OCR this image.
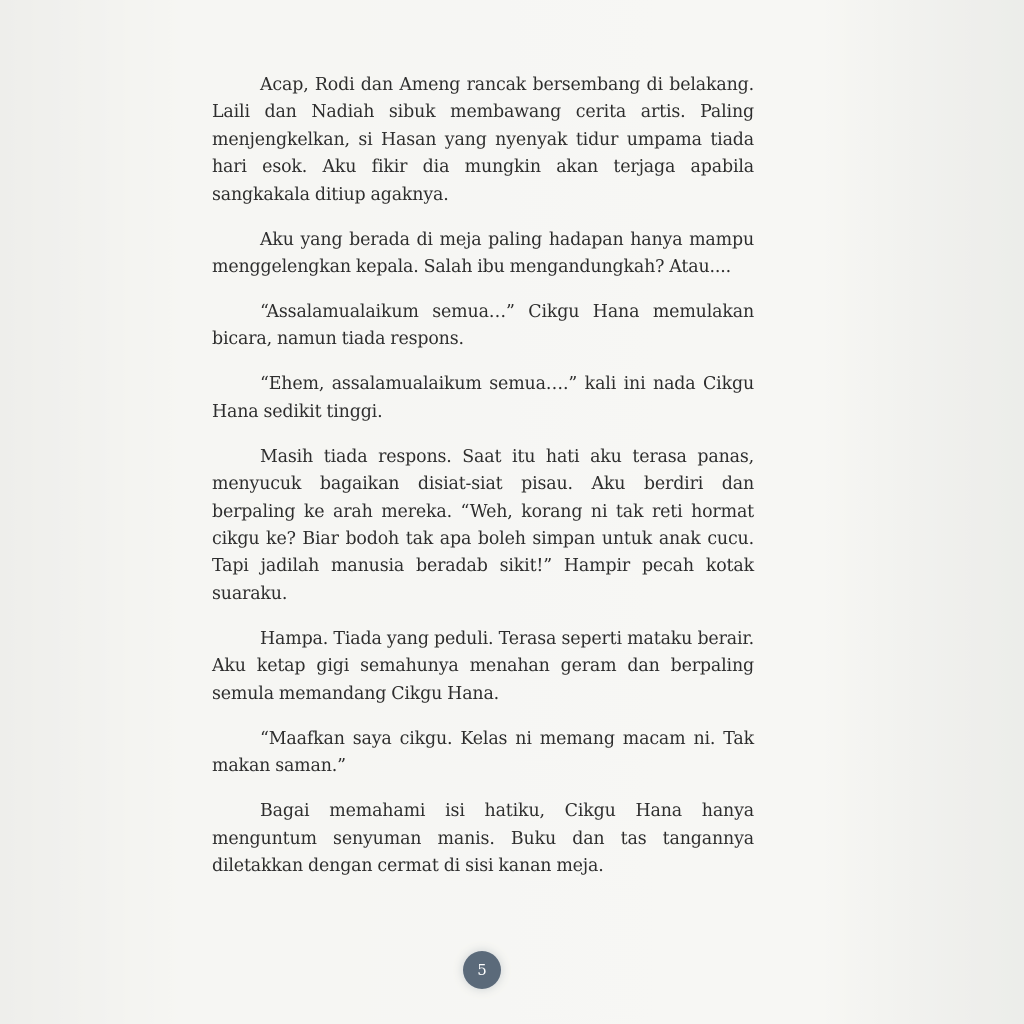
Acap, Rodi dan Ameng rancak bersembang di belakang. Laili dan Nadiah sibuk membawang cerita artis. Paling menjengkelkan, si Hasan yang nyenyak tidur umpama tiada hari esok. Aku fikir dia mungkin akan terjaga apabila sangkakala ditiup agaknya.

Aku yang berada di meja paling hadapan hanya mampu menggelengkan kepala. Salah ibu mengandungkah? Atau....

“Assalamualaikum semua…” Cikgu Hana memulakan bicara, namun tiada respons.

“Ehem, assalamualaikum semua….” kali ini nada Cikgu Hana sedikit tinggi.

Masih tiada respons. Saat itu hati aku terasa panas, menyucuk bagaikan disiat-siat pisau. Aku berdiri dan berpaling ke arah mereka. “Weh, korang ni tak reti hormat cikgu ke? Biar bodoh tak apa boleh simpan untuk anak cucu. Tapi jadilah manusia beradab sikit!” Hampir pecah kotak suaraku.

Hampa. Tiada yang peduli. Terasa seperti mataku berair. Aku ketap gigi semahunya menahan geram dan berpaling semula memandang Cikgu Hana.

“Maafkan saya cikgu. Kelas ni memang macam ni. Tak makan saman.”

Bagai memahami isi hatiku, Cikgu Hana hanya menguntum senyuman manis. Buku dan tas tangannya diletakkan dengan cermat di sisi kanan meja.

5
